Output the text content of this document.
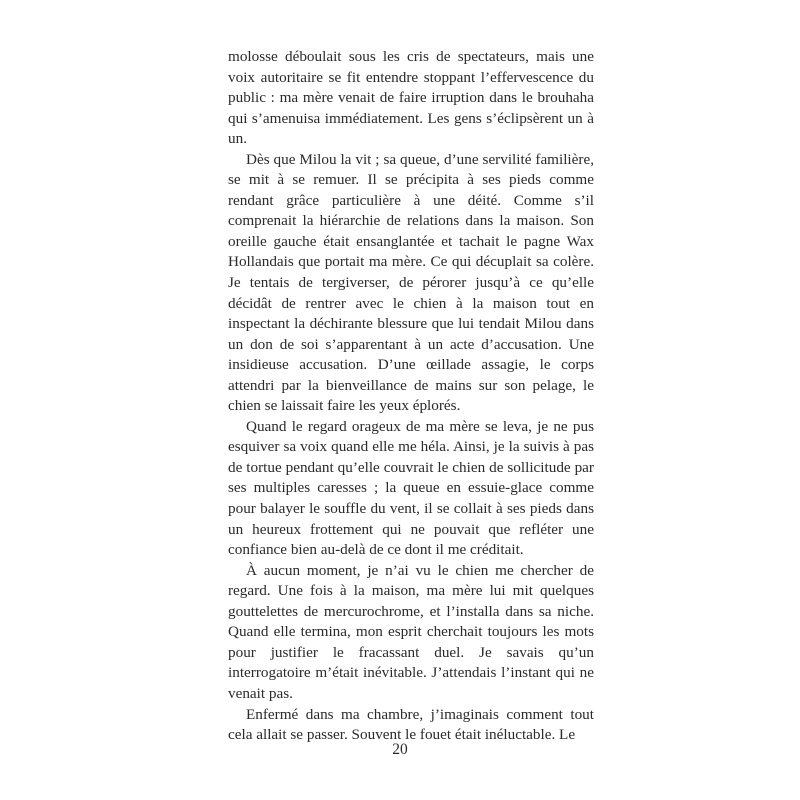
molosse déboulait sous les cris de spectateurs, mais une voix autoritaire se fit entendre stoppant l’effervescence du public : ma mère venait de faire irruption dans le brouhaha qui s’amenuisa immédiatement. Les gens s’éclipsèrent un à un.

Dès que Milou la vit ; sa queue, d’une servilité familière, se mit à se remuer. Il se précipita à ses pieds comme rendant grâce particulière à une déité. Comme s’il comprenait la hiérarchie de relations dans la maison. Son oreille gauche était ensanglantée et tachait le pagne Wax Hollandais que portait ma mère. Ce qui décuplait sa colère. Je tentais de tergiverser, de pérorer jusqu’à ce qu’elle décidât de rentrer avec le chien à la maison tout en inspectant la déchirante blessure que lui tendait Milou dans un don de soi s’apparentant à un acte d’accusation. Une insidieuse accusation. D’une œillade assagie, le corps attendri par la bienveillance de mains sur son pelage, le chien se laissait faire les yeux éplorés.

Quand le regard orageux de ma mère se leva, je ne pus esquiver sa voix quand elle me héla. Ainsi, je la suivis à pas de tortue pendant qu’elle couvrait le chien de sollicitude par ses multiples caresses ; la queue en essuie-glace comme pour balayer le souffle du vent, il se collait à ses pieds dans un heureux frottement qui ne pouvait que refléter une confiance bien au-delà de ce dont il me créditait.

À aucun moment, je n’ai vu le chien me chercher de regard. Une fois à la maison, ma mère lui mit quelques gouttelettes de mercurochrome, et l’installa dans sa niche. Quand elle termina, mon esprit cherchait toujours les mots pour justifier le fracassant duel. Je savais qu’un interrogatoire m’était inévitable. J’attendais l’instant qui ne venait pas.

Enfermé dans ma chambre, j’imaginais comment tout cela allait se passer. Souvent le fouet était inéluctable. Le

20
